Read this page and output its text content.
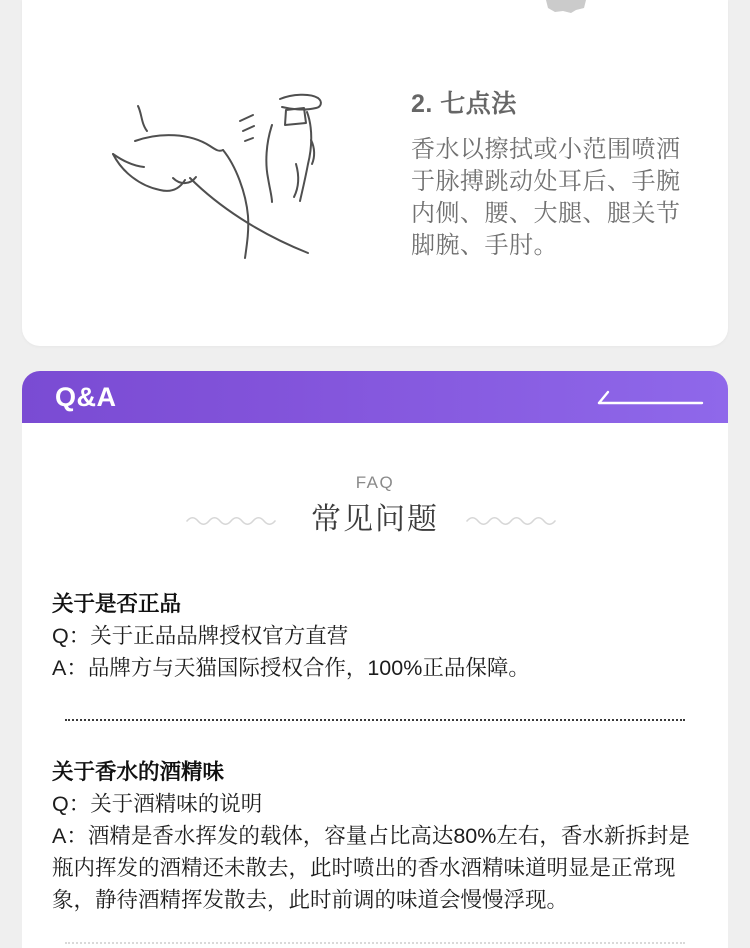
2. 七点法

香水以擦拭或小范围喷洒于脉搏跳动处耳后、手腕内侧、腰、大腿、腿关节脚腕、手肘。

Q&A
FAQ
常见问题
关于是否正品
Q：关于正品品牌授权官方直营
A：品牌方与天猫国际授权合作，100%正品保障。
关于香水的酒精味
Q：关于酒精味的说明
A：酒精是香水挥发的载体，容量占比高达80%左右，香水新拆封是瓶内挥发的酒精还未散去，此时喷出的香水酒精味道明显是正常现象，静待酒精挥发散去，此时前调的味道会慢慢浮现。
